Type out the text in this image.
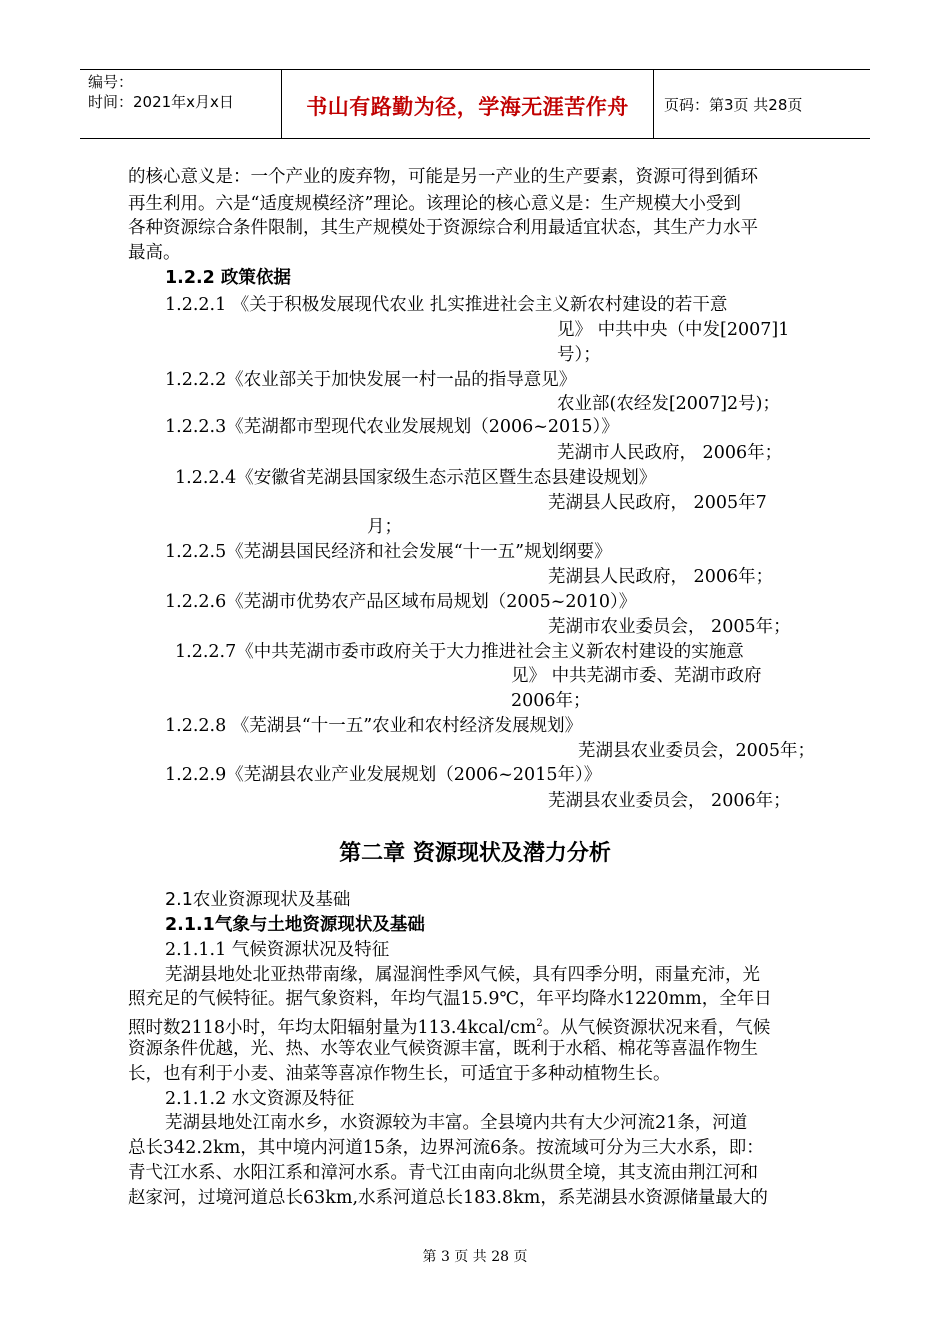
编号：
时间：2021年x月x日	书山有路勤为径，学海无涯苦作舟	页码：第3页 共28页
的核心意义是：一个产业的废弃物，可能是另一产业的生产要素，资源可得到循环
再生利用。六是“适度规模经济”理论。该理论的核心意义是：生产规模大小受到
各种资源综合条件限制，其生产规模处于资源综合利用最适宜状态，其生产力水平
最高。
1.2.2 政策依据
1.2.2.1 《关于积极发展现代农业 扎实推进社会主义新农村建设的若干意
见》 中共中央（中发[2007]1
号）；
1.2.2.2《农业部关于加快发展一村一品的指导意见》
农业部(农经发[2007]2号)；
1.2.2.3《芜湖都市型现代农业发展规划（2006~2015）》
芜湖市人民政府， 2006年；
1.2.2.4《安徽省芜湖县国家级生态示范区暨生态县建设规划》
芜湖县人民政府， 2005年7
月；
1.2.2.5《芜湖县国民经济和社会发展“十一五”规划纲要》
芜湖县人民政府， 2006年；
1.2.2.6《芜湖市优势农产品区域布局规划（2005~2010）》
芜湖市农业委员会， 2005年；
1.2.2.7《中共芜湖市委市政府关于大力推进社会主义新农村建设的实施意
见》 中共芜湖市委、芜湖市政府
2006年；
1.2.2.8 《芜湖县“十一五”农业和农村经济发展规划》
芜湖县农业委员会，2005年；
1.2.2.9《芜湖县农业产业发展规划（2006~2015年）》
芜湖县农业委员会， 2006年；
第二章 资源现状及潜力分析
2.1农业资源现状及基础
2.1.1气象与土地资源现状及基础
2.1.1.1 气候资源状况及特征
芜湖县地处北亚热带南缘，属湿润性季风气候，具有四季分明，雨量充沛，光
照充足的气候特征。据气象资料，年均气温15.9℃，年平均降水1220mm，全年日
照时数2118小时，年均太阳辐射量为$113.4kcal/cm^2$。从气候资源状况来看，气候
资源条件优越，光、热、水等农业气候资源丰富，既利于水稻、棉花等喜温作物生
长，也有利于小麦、油菜等喜凉作物生长，可适宜于多种动植物生长。
2.1.1.2 水文资源及特征
芜湖县地处江南水乡，水资源较为丰富。全县境内共有大少河流21条，河道
总长342.2km，其中境内河道15条，边界河流6条。按流域可分为三大水系，即：
青弋江水系、水阳江系和漳河水系。青弋江由南向北纵贯全境，其支流由荆江河和
赵家河，过境河道总长63km,水系河道总长183.8km，系芜湖县水资源储量最大的
第 3 页 共 28 页
